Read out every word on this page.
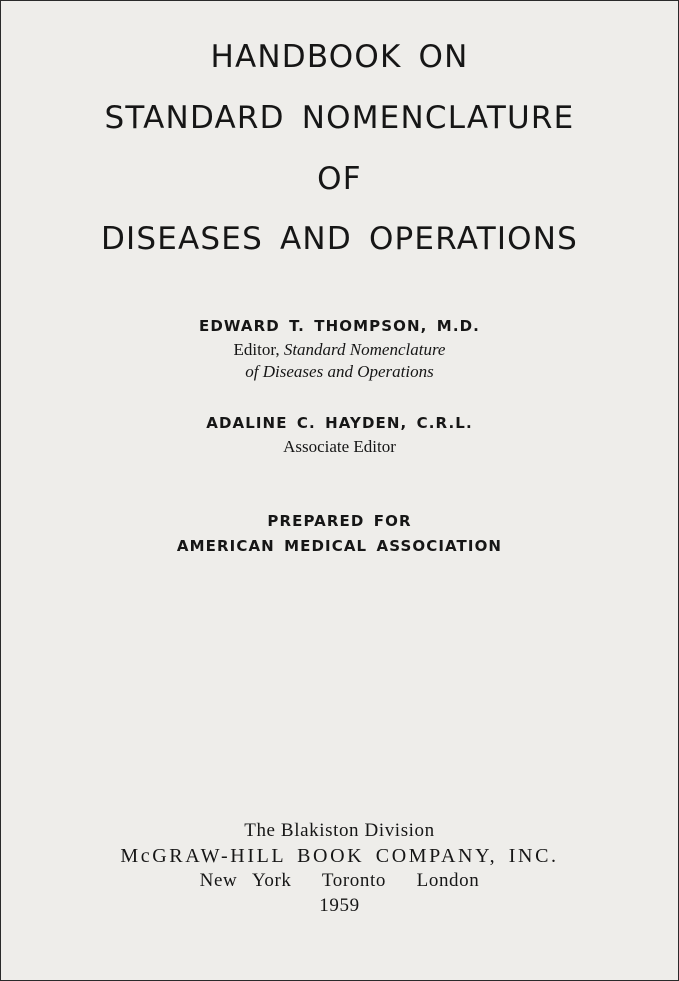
HANDBOOK ON
STANDARD NOMENCLATURE
OF
DISEASES AND OPERATIONS
EDWARD T. THOMPSON, M.D.
Editor, Standard Nomenclature
of Diseases and Operations
ADALINE C. HAYDEN, C.R.L.
Associate Editor
PREPARED FOR
AMERICAN MEDICAL ASSOCIATION
The Blakiston Division
McGRAW-HILL BOOK COMPANY, INC.
New York  Toronto  London
1959
